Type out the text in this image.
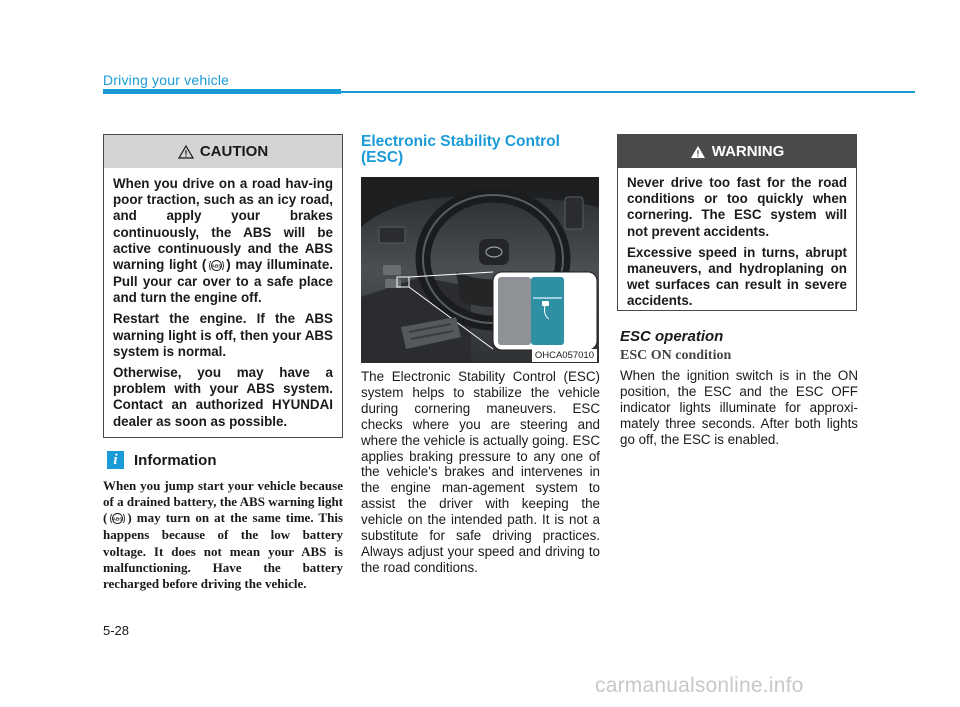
Driving your vehicle
CAUTION

When you drive on a road hav-ing poor traction, such as an icy road, and apply your brakes continuously, the ABS will be active continuously and the ABS warning light ( ABS ) may illuminate. Pull your car over to a safe place and turn the engine off.

Restart the engine. If the ABS warning light is off, then your ABS system is normal.

Otherwise, you may have a problem with your ABS system. Contact an authorized HYUNDAI dealer as soon as possible.

i	Information
When you jump start your vehicle because of a drained battery, the ABS warning light ( ABS ) may turn on at the same time. This happens because of the low battery voltage. It does not mean your ABS is malfunctioning. Have the battery recharged before driving the vehicle.
Electronic Stability Control (ESC)
OHCA057010
The Electronic Stability Control (ESC) system helps to stabilize the vehicle during cornering maneuvers. ESC checks where you are steering and where the vehicle is actually going. ESC applies braking pressure to any one of the vehicle's brakes and intervenes in the engine man-agement system to assist the driver with keeping the vehicle on the intended path. It is not a substitute for safe driving practices. Always adjust your speed and driving to the road conditions.
WARNING

Never drive too fast for the road conditions or too quickly when cornering. The ESC system will not prevent accidents.

Excessive speed in turns, abrupt maneuvers, and hydroplaning on wet surfaces can result in severe accidents.

ESC operation
ESC ON condition
When the ignition switch is in the ON position, the ESC and the ESC OFF indicator lights illuminate for approxi-mately three seconds. After both lights go off, the ESC is enabled.
5-28
carmanualsonline.info
